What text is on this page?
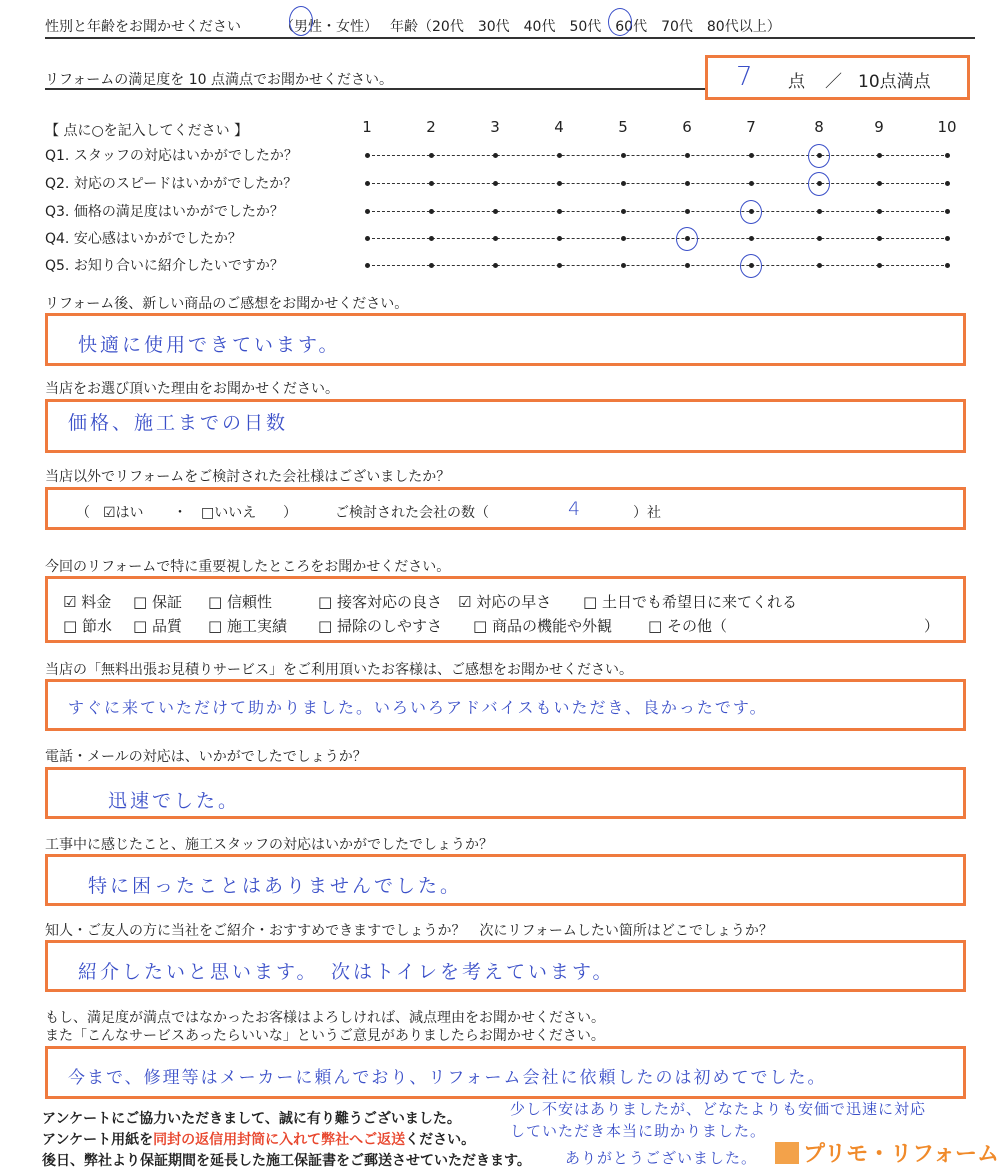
性別と年齢をお聞かせください	（男性・女性） 年齢（20代　30代　40代　50代　60代　70代　80代以上）
リフォームの満足度を 10 点満点でお聞かせください。	7 点 ／ 10点満点
【 点に○を記入してください 】
リフォーム後、新しい商品のご感想をお聞かせください。
快適に使用できています。
当店をお選び頂いた理由をお聞かせください。
価格、施工までの日数
当店以外でリフォームをご検討された会社様はございましたか？
（ ☑はい ・ □いいえ ）	ご検討された会社の数（	4	）社
今回のリフォームで特に重要視したところをお聞かせください。
☑ 料金 □ 保証 □ 信頼性	□ 接客対応の良さ ☑ 対応の早さ □ 土日でも希望日に来てくれる
□ 節水 □ 品質 □ 施工実績 □ 掃除のしやすさ □ 商品の機能や外観 □ その他（	）
当店の「無料出張お見積りサービス」をご利用頂いたお客様は、ご感想をお聞かせください。
すぐに来ていただけて助かりました。いろいろアドバイスもいただき、良かったです。
電話・メールの対応は、いかがでしたでしょうか？
迅速でした。
工事中に感じたこと、施工スタッフの対応はいかがでしたでしょうか？
特に困ったことはありませんでした。
知人・ご友人の方に当社をご紹介・おすすめできますでしょうか？　次にリフォームしたい箇所はどこでしょうか？
紹介したいと思います。　次はトイレを考えています。
もし、満足度が満点ではなかったお客様はよろしければ、減点理由をお聞かせください。
また「こんなサービスあったらいいな」というご意見がありましたらお聞かせください。
今まで、修理等はメーカーに頼んでおり、リフォーム会社に依頼したのは初めてでした。
アンケートにご協力いただきまして、誠に有り難うございました。
アンケート用紙を同封の返信用封筒に入れて弊社へご返送ください。
後日、弊社より保証期間を延長した施工保証書をご郵送させていただきます。
少し不安はありましたが、どなたよりも安価で迅速に対応
していただき本当に助かりました。
ありがとうございました。	プリモ・リフォーム
1	2	3	4	5	6	7	8	9	10
Q1. スタッフの対応はいかがでしたか？
Q2. 対応のスピードはいかがでしたか？
Q3. 価格の満足度はいかがでしたか？
Q4. 安心感はいかがでしたか？
Q5. お知り合いに紹介したいですか？
